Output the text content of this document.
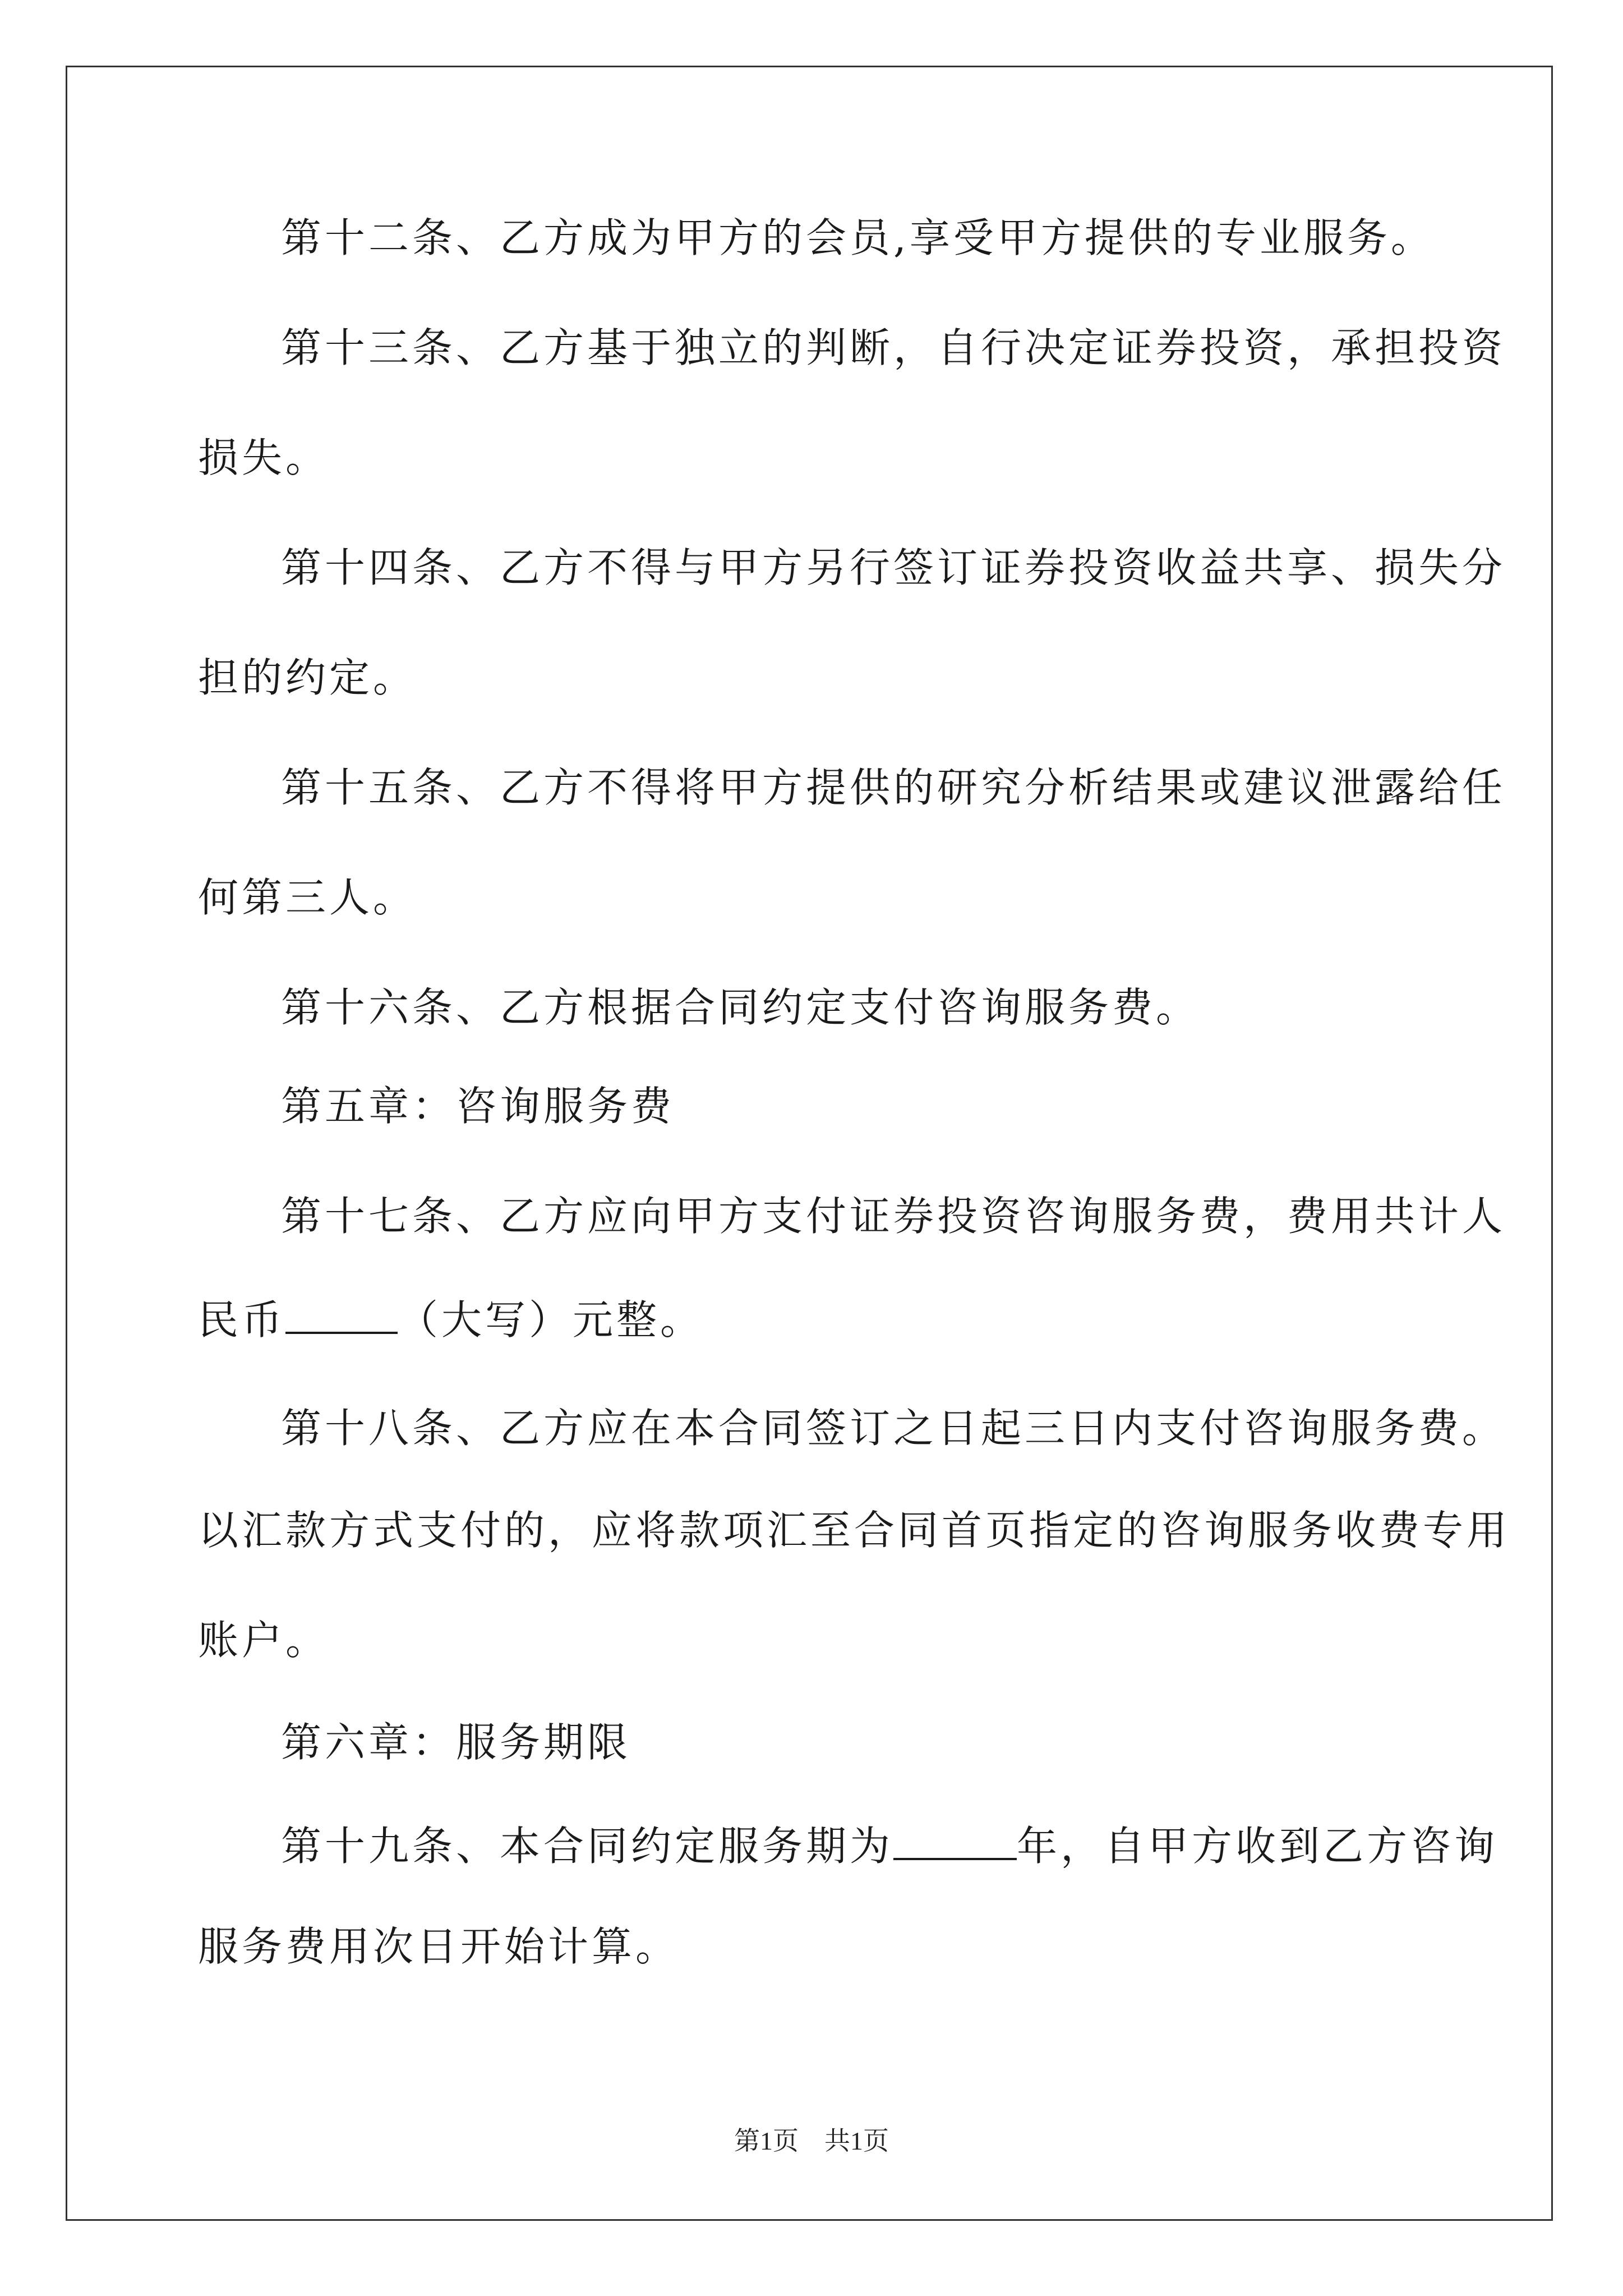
第十二条、乙方成为甲方的会员,享受甲方提供的专业服务。
第十三条、乙方基于独立的判断，自行决定证券投资，承担投资
损失。
第十四条、乙方不得与甲方另行签订证券投资收益共享、损失分
担的约定。
第十五条、乙方不得将甲方提供的研究分析结果或建议泄露给任
何第三人。
第十六条、乙方根据合同约定支付咨询服务费。
第五章：咨询服务费
第十七条、乙方应向甲方支付证券投资咨询服务费，费用共计人
民币	（大写）元整。
第十八条、乙方应在本合同签订之日起三日内支付咨询服务费。
以汇款方式支付的，应将款项汇至合同首页指定的咨询服务收费专用
账户。
第六章：服务期限
第十九条、本合同约定服务期为	年，自甲方收到乙方咨询
服务费用次日开始计算。
第1页　共1页
